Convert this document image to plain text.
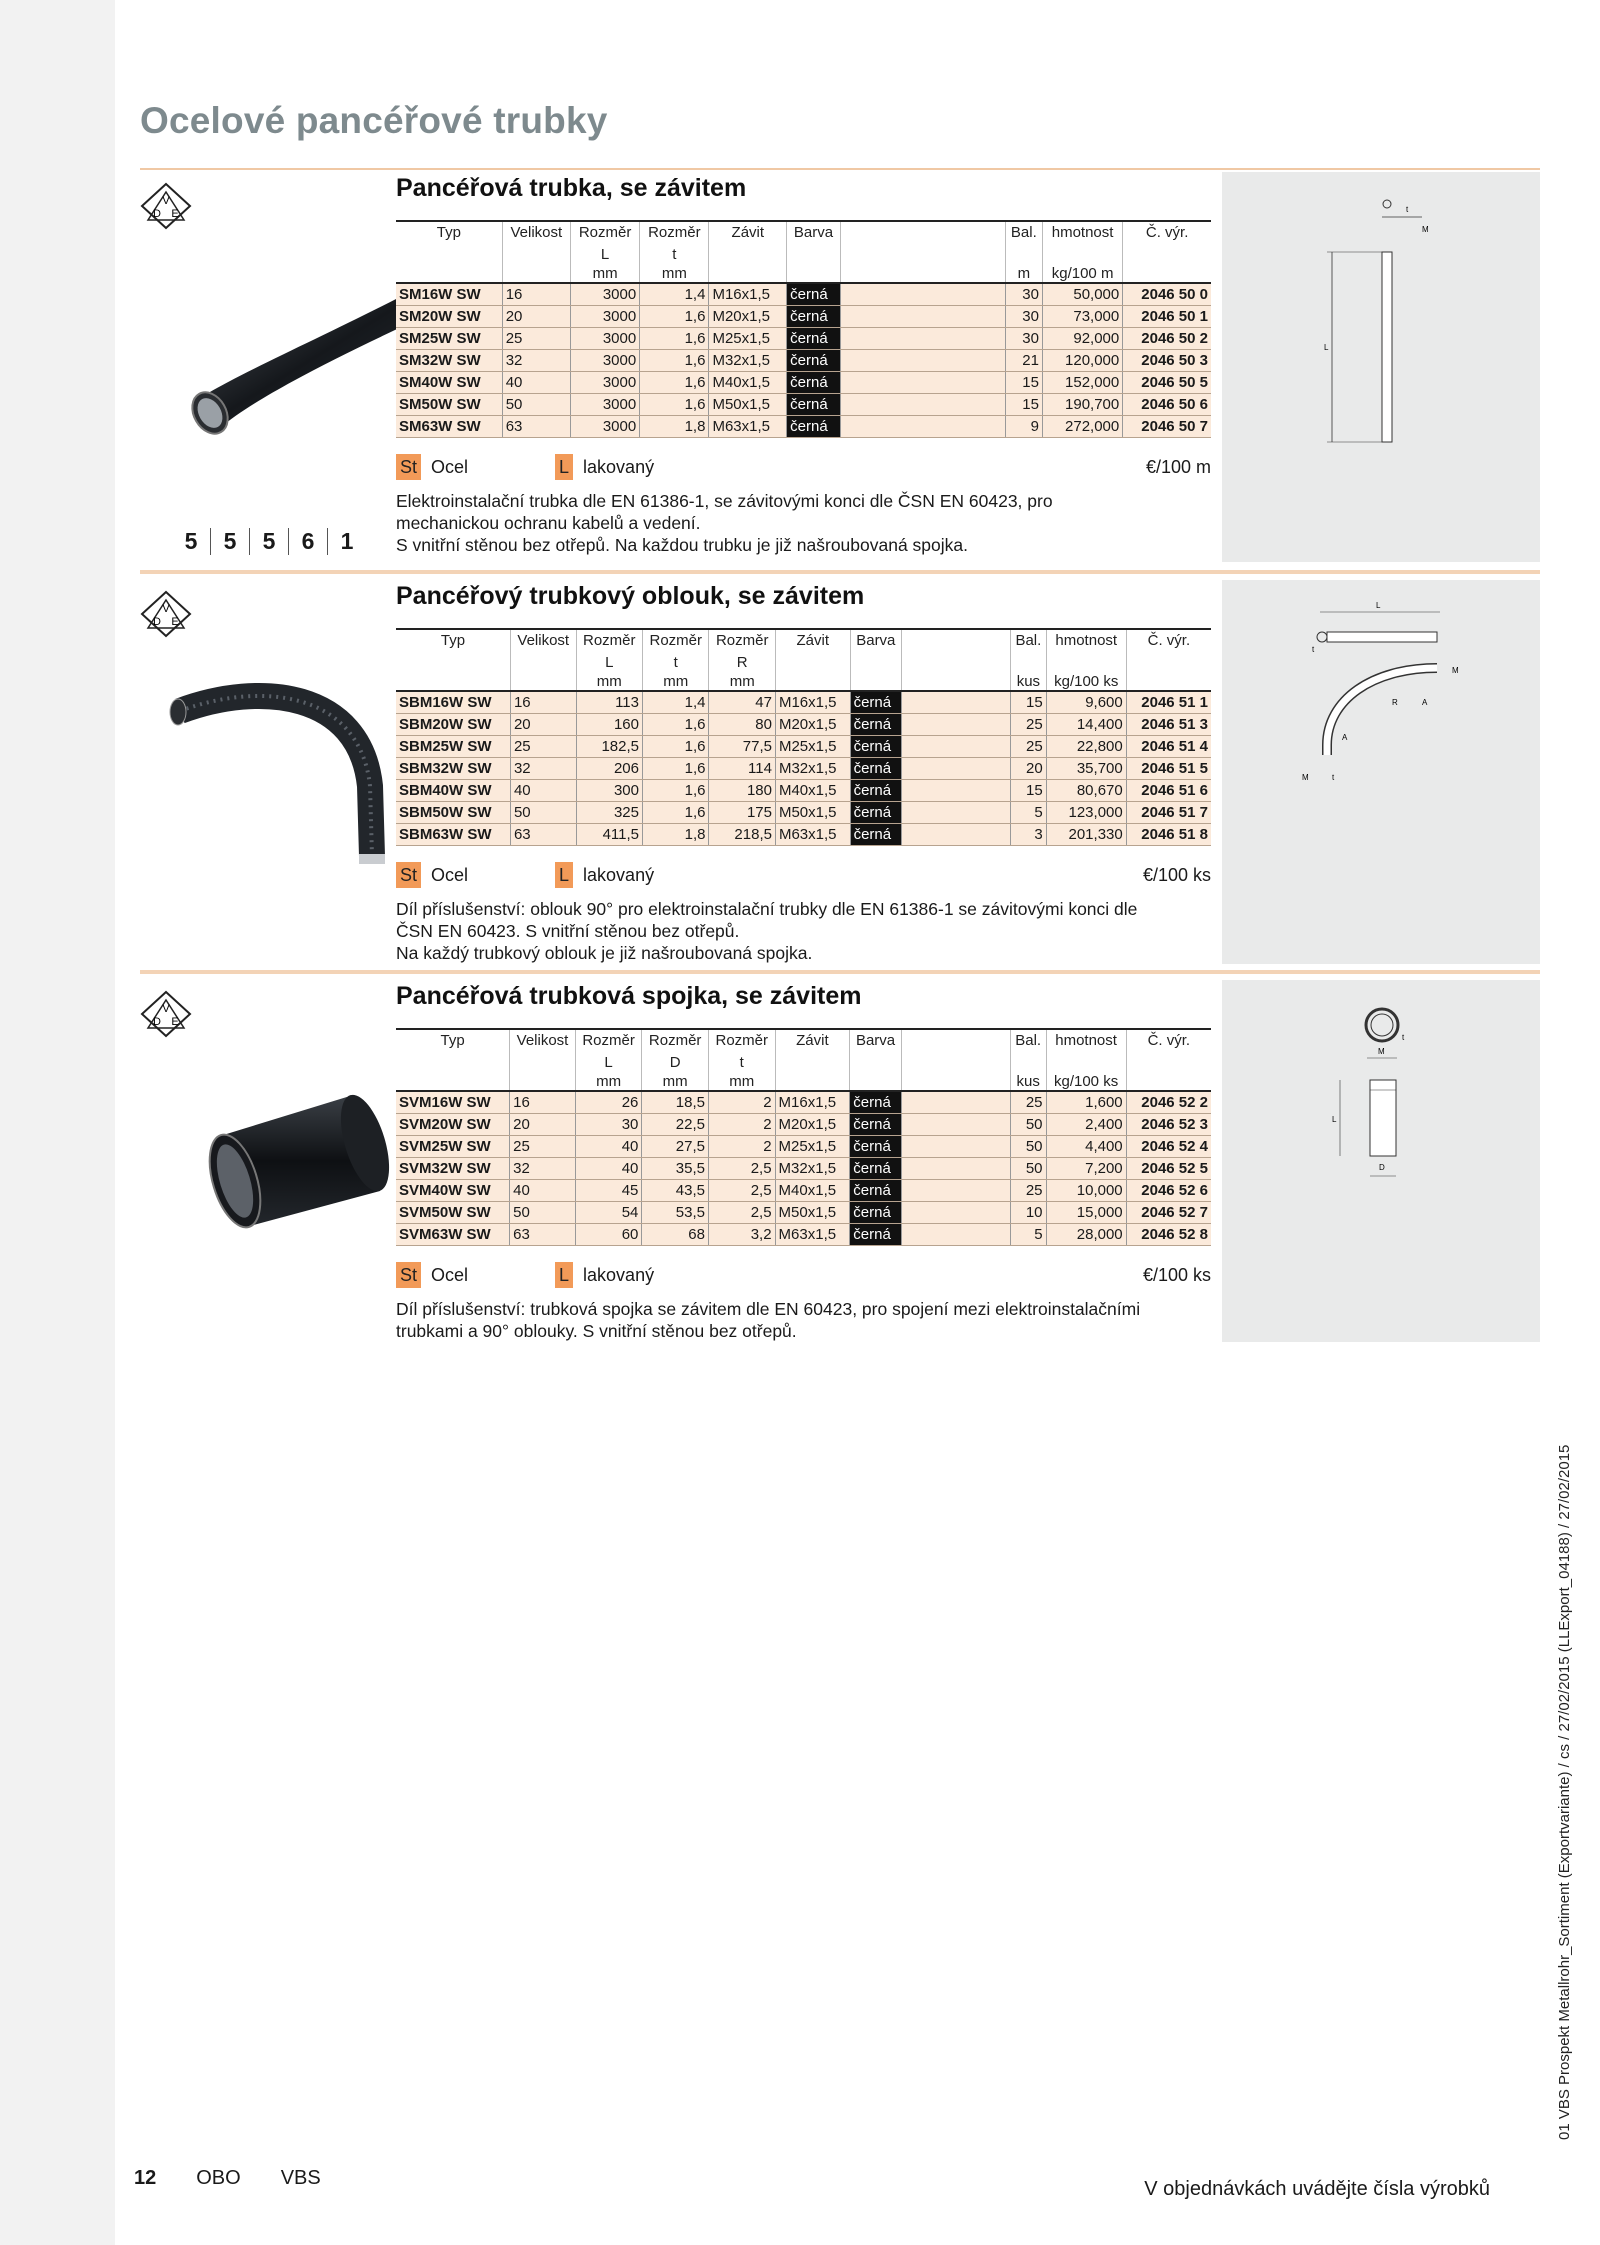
Ocelové pancéřové trubky
V
D E
5	5	5	6	1
Pancéřová trubka, se závitem
Typ	Velikost	Rozměr	Rozměr	Závit	Barva		Bal.	hmotnost	Č. výr.
		L	t						
		mm	mm				m	kg/100 m	
SM16W SW	16	3000	1,4	M16x1,5	černá		30	50,000	2046 50 0
SM20W SW	20	3000	1,6	M20x1,5	černá		30	73,000	2046 50 1
SM25W SW	25	3000	1,6	M25x1,5	černá		30	92,000	2046 50 2
SM32W SW	32	3000	1,6	M32x1,5	černá		21	120,000	2046 50 3
SM40W SW	40	3000	1,6	M40x1,5	černá		15	152,000	2046 50 5
SM50W SW	50	3000	1,6	M50x1,5	černá		15	190,700	2046 50 6
SM63W SW	63	3000	1,8	M63x1,5	černá		9	272,000	2046 50 7
St Ocel	L lakovaný	€/100 m

Elektroinstalační trubka dle EN 61386-1, se závitovými konci dle ČSN EN 60423, pro
mechanickou ochranu kabelů a vedení.
S vnitřní stěnou bez otřepů. Na každou trubku je již našroubovaná spojka.

t
M
L
V
D E
Pancéřový trubkový oblouk, se závitem
Typ	Velikost	Rozměr	Rozměr	Rozměr	Závit	Barva		Bal.	hmotnost	Č. výr.
		L	t	R						
		mm	mm	mm				kus	kg/100 ks	
SBM16W SW	16	113	1,4	47	M16x1,5	černá		15	9,600	2046 51 1
SBM20W SW	20	160	1,6	80	M20x1,5	černá		25	14,400	2046 51 3
SBM25W SW	25	182,5	1,6	77,5	M25x1,5	černá		25	22,800	2046 51 4
SBM32W SW	32	206	1,6	114	M32x1,5	černá		20	35,700	2046 51 5
SBM40W SW	40	300	1,6	180	M40x1,5	černá		15	80,670	2046 51 6
SBM50W SW	50	325	1,6	175	M50x1,5	černá		5	123,000	2046 51 7
SBM63W SW	63	411,5	1,8	218,5	M63x1,5	černá		3	201,330	2046 51 8
St Ocel	L lakovaný	€/100 ks

Díl příslušenství: oblouk 90° pro elektroinstalační trubky dle EN 61386-1 se závitovými konci dle
ČSN EN 60423. S vnitřní stěnou bez otřepů.
Na každý trubkový oblouk je již našroubovaná spojka.

L
t
M
A
R
A
M	t
V
D E
Pancéřová trubková spojka, se závitem
Typ	Velikost	Rozměr	Rozměr	Rozměr	Závit	Barva		Bal.	hmotnost	Č. výr.
		L	D	t						
		mm	mm	mm				kus	kg/100 ks	
SVM16W SW	16	26	18,5	2	M16x1,5	černá		25	1,600	2046 52 2
SVM20W SW	20	30	22,5	2	M20x1,5	černá		50	2,400	2046 52 3
SVM25W SW	25	40	27,5	2	M25x1,5	černá		50	4,400	2046 52 4
SVM32W SW	32	40	35,5	2,5	M32x1,5	černá		50	7,200	2046 52 5
SVM40W SW	40	45	43,5	2,5	M40x1,5	černá		25	10,000	2046 52 6
SVM50W SW	50	54	53,5	2,5	M50x1,5	černá		10	15,000	2046 52 7
SVM63W SW	63	60	68	3,2	M63x1,5	černá		5	28,000	2046 52 8
St Ocel	L lakovaný	€/100 ks

Díl příslušenství: trubková spojka se závitem dle EN 60423, pro spojení mezi elektroinstalačními
trubkami a 90° oblouky. S vnitřní stěnou bez otřepů.

t
M
L
D
12 OBO VBS	V objednávkách uvádějte čísla výrobků
01 VBS Prospekt Metallrohr_Sortiment (Exportvariante) / cs / 27/02/2015 (LLExport_04188) / 27/02/2015
